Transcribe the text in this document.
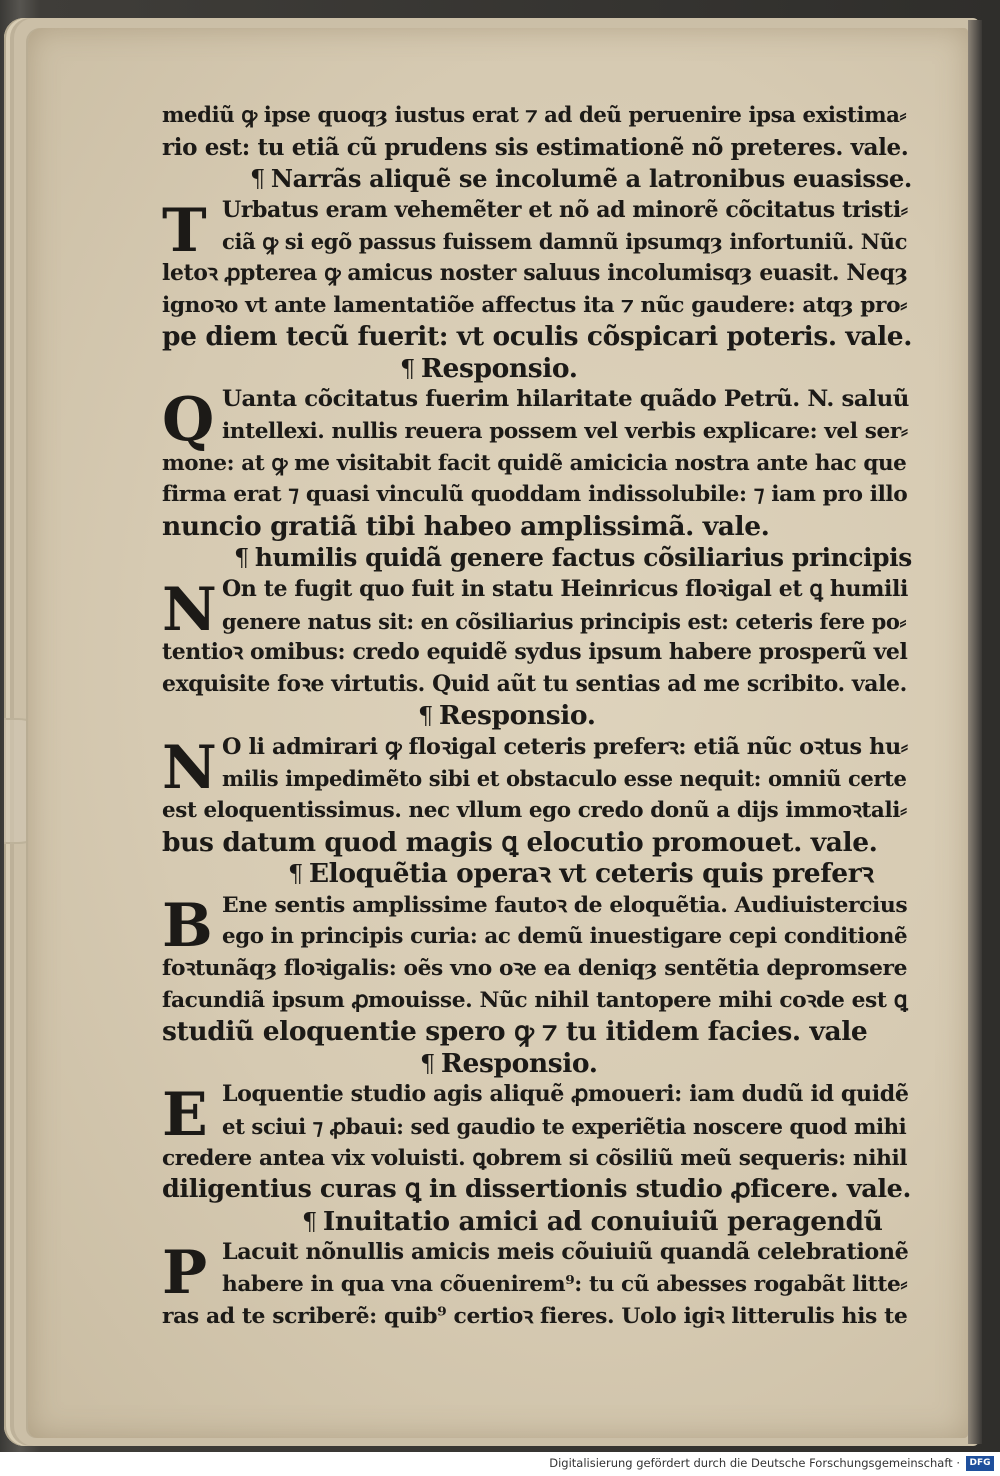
mediũ ꝙ ipse quoqȝ iustus erat ⁊ ad deũ peruenire ipsa existima⸗
rio est: tu etiã cũ prudens sis estimationẽ nõ preteres. vale.
¶ Narrãs aliquẽ se incolumẽ a latronibus euasisse.
T Urbatus eram vehemẽter et nõ ad minorẽ cõcitatus tristi⸗
ciã ꝙ si egõ passus fuissem damnũ ipsumqȝ infortuniũ. Nũc
letoꝛ ꝓpterea ꝙ amicus noster saluus incolumisqȝ euasit. Neqȝ
ignoꝛo vt ante lamentatiõe affectus ita ⁊ nũc gaudere: atqȝ pro⸗
pe diem tecũ fuerit: vt oculis cõspicari poteris. vale.
¶ Responsio.
Q Uanta cõcitatus fuerim hilaritate quãdo Petrũ. N. saluũ
intellexi. nullis reuera possem vel verbis explicare: vel ser⸗
mone: at ꝙ me visitabit facit quidẽ amicicia nostra ante hac que
firma erat ⁊ quasi vinculũ quoddam indissolubile: ⁊ iam pro illo
nuncio gratiã tibi habeo amplissimã. vale.
¶ humilis quidã genere factus cõsiliarius principis
N On te fugit quo fuit in statu Heinricus floꝛigal et ꝗ humili
genere natus sit: en cõsiliarius principis est: ceteris fere po⸗
tentioꝛ omibus: credo equidẽ sydus ipsum habere prosperũ vel
exquisite foꝛe virtutis. Quid aũt tu sentias ad me scribito. vale.
¶ Responsio.
N O li admirari ꝙ floꝛigal ceteris preferꝛ: etiã nũc oꝛtus hu⸗
milis impedimẽto sibi et obstaculo esse nequit: omniũ certe
est eloquentissimus. nec vllum ego credo donũ a dijs immoꝛtali⸗
bus datum quod magis ꝗ elocutio promouet. vale.
¶ Eloquẽtia operaꝛ vt ceteris quis preferꝛ
B Ene sentis amplissime fautoꝛ de eloquẽtia. Audiuistercius
ego in principis curia: ac demũ inuestigare cepi conditionẽ
foꝛtunãqȝ floꝛigalis: oẽs vno oꝛe ea deniqȝ sentẽtia depromsere
facundiã ipsum ꝓmouisse. Nũc nihil tantopere mihi coꝛde est ꝗ
studiũ eloquentie spero ꝙ ⁊ tu itidem facies. vale
¶ Responsio.
E Loquentie studio agis aliquẽ ꝓmoueri: iam dudũ id quidẽ
et sciui ⁊ ꝓbaui: sed gaudio te experiẽtia noscere quod mihi
credere antea vix voluisti. ꝗobrem si cõsiliũ meũ sequeris: nihil
diligentius curas ꝗ in dissertionis studio ꝓficere. vale.
¶ Inuitatio amici ad conuiuiũ peragendũ
P Lacuit nõnullis amicis meis cõuiuiũ quandã celebrationẽ
habere in qua vna cõuenirem⁹: tu cũ abesses rogabãt litte⸗
ras ad te scriberẽ: quib⁹ certioꝛ fieres. Uolo igiꝛ litterulis his te
Digitalisierung gefördert durch die Deutsche Forschungsgemeinschaft ·	DFG
